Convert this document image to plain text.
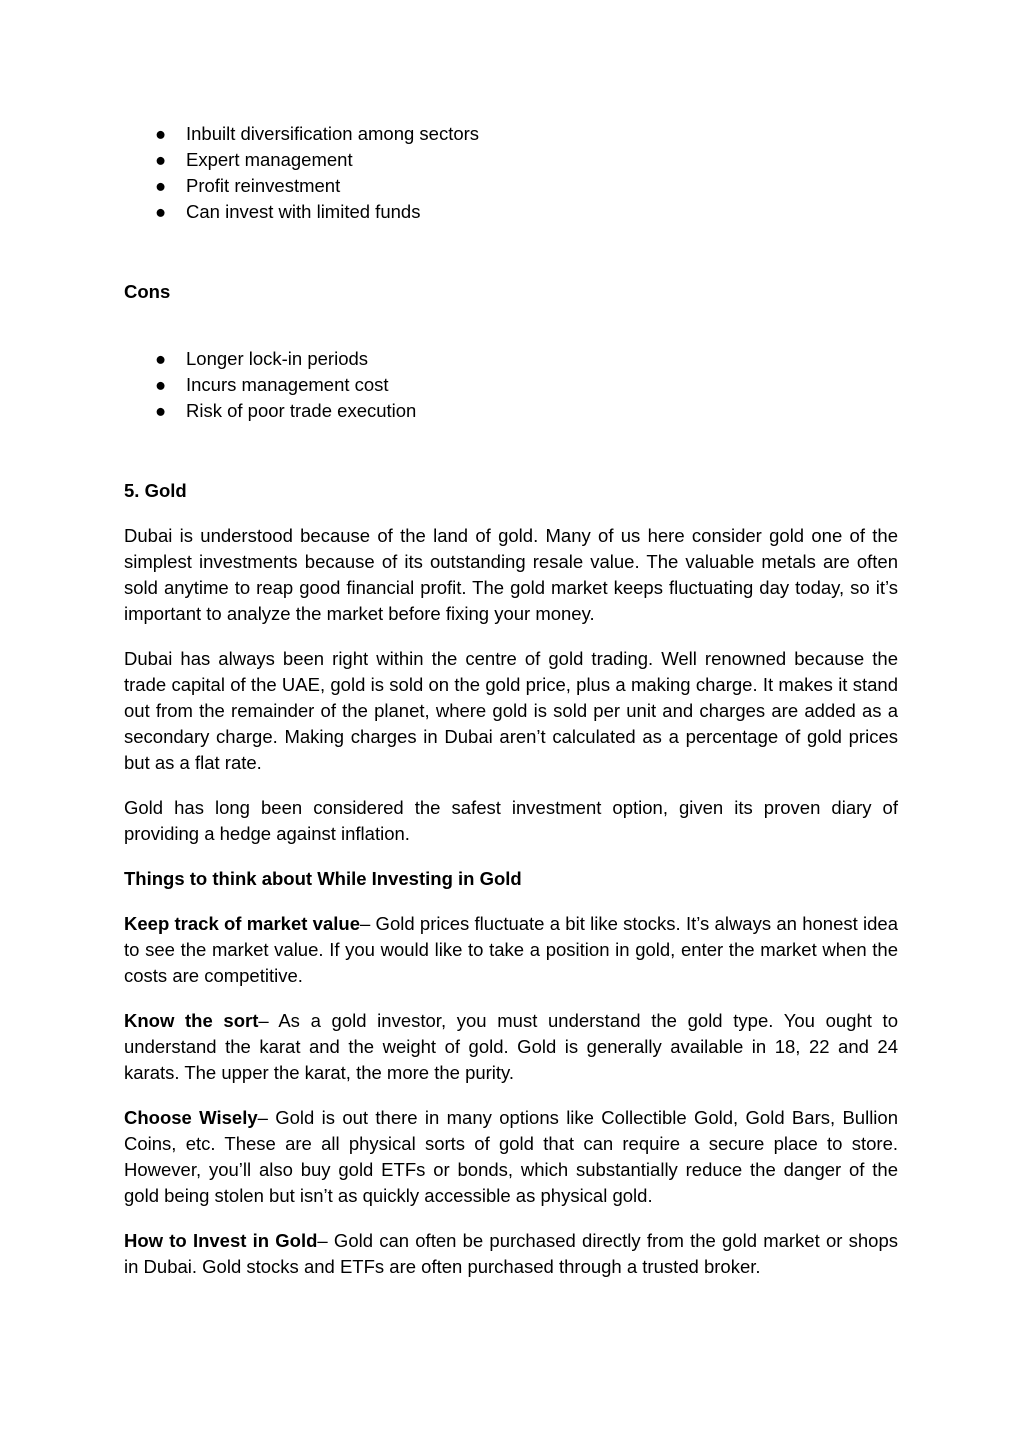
● Inbuilt diversification among sectors
● Expert management
● Profit reinvestment
● Can invest with limited funds
Cons
● Longer lock-in periods
● Incurs management cost
● Risk of poor trade execution
5. Gold

Dubai is understood because of the land of gold. Many of us here consider gold one of the simplest investments because of its outstanding resale value. The valuable metals are often sold anytime to reap good financial profit. The gold market keeps fluctuating day today, so it’s important to analyze the market before fixing your money.

Dubai has always been right within the centre of gold trading. Well renowned because the trade capital of the UAE, gold is sold on the gold price, plus a making charge. It makes it stand out from the remainder of the planet, where gold is sold per unit and charges are added as a secondary charge. Making charges in Dubai aren’t calculated as a percentage of gold prices but as a flat rate.

Gold has long been considered the safest investment option, given its proven diary of providing a hedge against inflation.

Things to think about While Investing in Gold

Keep track of market value– Gold prices fluctuate a bit like stocks. It’s always an honest idea to see the market value. If you would like to take a position in gold, enter the market when the costs are competitive.

Know the sort– As a gold investor, you must understand the gold type. You ought to understand the karat and the weight of gold. Gold is generally available in 18, 22 and 24 karats. The upper the karat, the more the purity.

Choose Wisely– Gold is out there in many options like Collectible Gold, Gold Bars, Bullion Coins, etc. These are all physical sorts of gold that can require a secure place to store. However, you’ll also buy gold ETFs or bonds, which substantially reduce the danger of the gold being stolen but isn’t as quickly accessible as physical gold.

How to Invest in Gold– Gold can often be purchased directly from the gold market or shops in Dubai. Gold stocks and ETFs are often purchased through a trusted broker.
